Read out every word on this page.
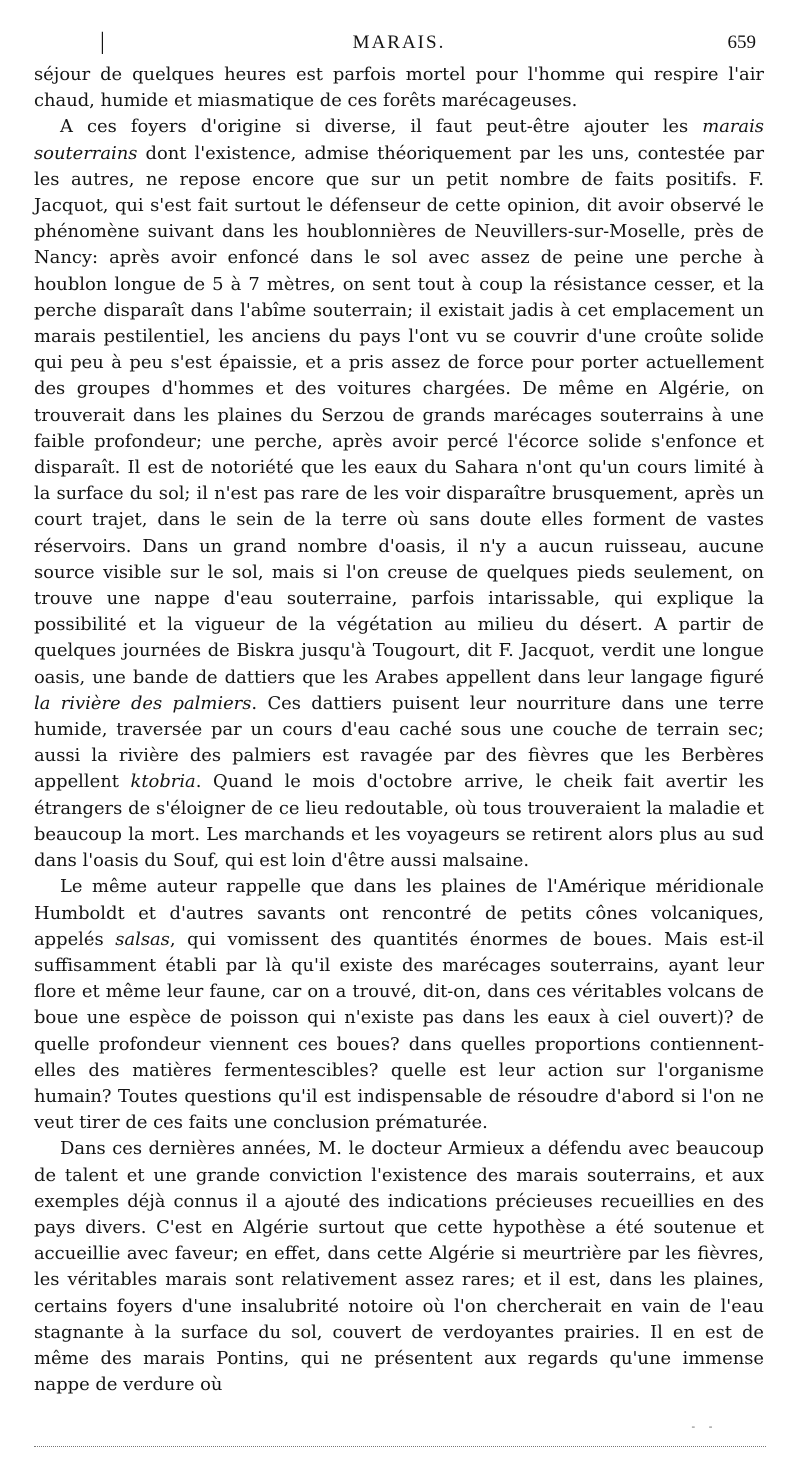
|	MARAIS.	659

séjour de quelques heures est parfois mortel pour l'homme qui respire l'air chaud, humide et miasmatique de ces forêts marécageuses.

A ces foyers d'origine si diverse, il faut peut-être ajouter les marais souterrains dont l'existence, admise théoriquement par les uns, contestée par les autres, ne repose encore que sur un petit nombre de faits positifs. F. Jacquot, qui s'est fait surtout le défenseur de cette opinion, dit avoir observé le phénomène suivant dans les houblonnières de Neuvillers-sur-Moselle, près de Nancy: après avoir enfoncé dans le sol avec assez de peine une perche à houblon longue de 5 à 7 mètres, on sent tout à coup la résistance cesser, et la perche disparaît dans l'abîme souterrain; il existait jadis à cet emplacement un marais pestilentiel, les anciens du pays l'ont vu se couvrir d'une croûte solide qui peu à peu s'est épaissie, et a pris assez de force pour porter actuellement des groupes d'hommes et des voitures chargées. De même en Algérie, on trouverait dans les plaines du Serzou de grands marécages souterrains à une faible profondeur; une perche, après avoir percé l'écorce solide s'enfonce et disparaît. Il est de notoriété que les eaux du Sahara n'ont qu'un cours limité à la surface du sol; il n'est pas rare de les voir disparaître brusquement, après un court trajet, dans le sein de la terre où sans doute elles forment de vastes réservoirs. Dans un grand nombre d'oasis, il n'y a aucun ruisseau, aucune source visible sur le sol, mais si l'on creuse de quelques pieds seulement, on trouve une nappe d'eau souterraine, parfois intarissable, qui explique la possibilité et la vigueur de la végétation au milieu du désert. A partir de quelques journées de Biskra jusqu'à Tougourt, dit F. Jacquot, verdit une longue oasis, une bande de dattiers que les Arabes appellent dans leur langage figuré la rivière des palmiers. Ces dattiers puisent leur nourriture dans une terre humide, traversée par un cours d'eau caché sous une couche de terrain sec; aussi la rivière des palmiers est ravagée par des fièvres que les Berbères appellent ktobria. Quand le mois d'octobre arrive, le cheik fait avertir les étrangers de s'éloigner de ce lieu redoutable, où tous trouveraient la maladie et beaucoup la mort. Les marchands et les voyageurs se retirent alors plus au sud dans l'oasis du Souf, qui est loin d'être aussi malsaine.

Le même auteur rappelle que dans les plaines de l'Amérique méridionale Humboldt et d'autres savants ont rencontré de petits cônes volcaniques, appelés salsas, qui vomissent des quantités énormes de boues. Mais est-il suffisamment établi par là qu'il existe des marécages souterrains, ayant leur flore et même leur faune, car on a trouvé, dit-on, dans ces véritables volcans de boue une espèce de poisson qui n'existe pas dans les eaux à ciel ouvert)? de quelle profondeur viennent ces boues? dans quelles proportions contiennent-elles des matières fermentescibles? quelle est leur action sur l'organisme humain? Toutes questions qu'il est indispensable de résoudre d'abord si l'on ne veut tirer de ces faits une conclusion prématurée.

Dans ces dernières années, M. le docteur Armieux a défendu avec beaucoup de talent et une grande conviction l'existence des marais souterrains, et aux exemples déjà connus il a ajouté des indications précieuses recueillies en des pays divers. C'est en Algérie surtout que cette hypothèse a été soutenue et accueillie avec faveur; en effet, dans cette Algérie si meurtrière par les fièvres, les véritables marais sont relativement assez rares; et il est, dans les plaines, certains foyers d'une insalubrité notoire où l'on chercherait en vain de l'eau stagnante à la surface du sol, couvert de verdoyantes prairies. Il en est de même des marais Pontins, qui ne présentent aux regards qu'une immense nappe de verdure où

- -
